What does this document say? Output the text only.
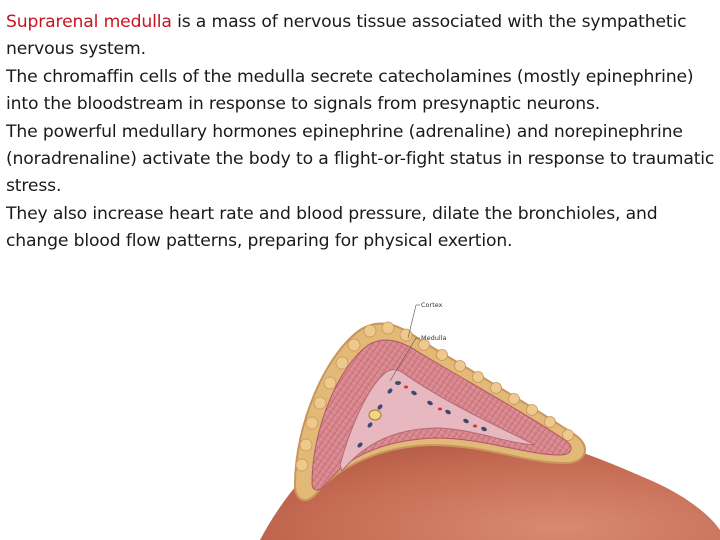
Suprarenal medulla is a mass of nervous tissue associated with the sympathetic nervous system.

The chromaffin cells of the medulla secrete catecholamines (mostly epinephrine) into the bloodstream in response to signals from presynaptic neurons.

The powerful medullary hormones epinephrine (adrenaline) and norepinephrine (noradrenaline) activate the body to a flight-or-fight status in response to traumatic stress.

They also increase heart rate and blood pressure, dilate the bronchioles, and change blood flow patterns, preparing for physical exertion.

Cortex
Medulla
